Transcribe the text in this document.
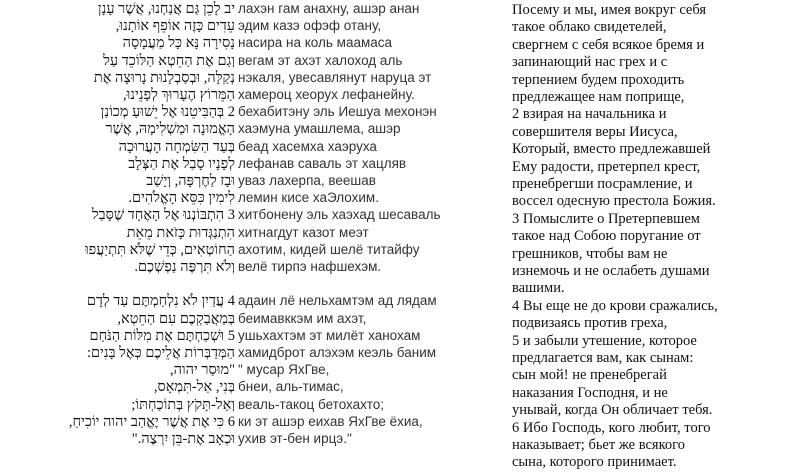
יב לָכֵן גַּם אֲנַחְנוּ, אֲשֶׁר עָנָן
עֵדִים כָּזֶה אוֹפֵף אוֹתָנוּ,
נָסִירָה נָּא כָּל מַעֲמָסָה
וְגַם אֶת הַחֵטְא הַלּוֹכֵד עַל
נְקַלָּה, וּבְסַבְלָנוּת נָרוּצָה אֶת
הַמֵּרוֹץ הֶעָרוּךְ לְפָנֵינוּ,
2 בְּהַבִּיטֵנוּ אֶל יֵשׁוּעַ מְכוֹנַן
הָאֱמוּנָה וּמַשְׁלִימָהּ, אֲשֶׁר
בְּעַד הַשִּׂמְחָה הָעֲרוּכָה
לְפָנָיו סָבַל אֶת הַצְּלָב
וּבָז לַחֶרְפָּה, וְיָשַׁב
לִימִין כִּסֵּא הָאֱלֹהִים.
3 הִתְבּוֹנְנוּ אֶל הָאֶחָד שֶׁסָּבַל
הִתְנַגְּדוּת כָּזֹאת מֵאֵת
הַחוֹטְאִים, כְּדֵי שֶׁלֹּא תִּתְיַעֲפוּ
וְלֹא תִּרְפֶּה נַפְשְׁכֶם.
4 עֲדַיִן לֹא נִלְחַמְתֶּם עַד לְדָם
בְּמַאֲבַקְכֶם עִם הַחֵטְא,
5 וּשְׁכַחְתֶּם אֶת מִלּוֹת הַנֹּחַם
הַמְּדַבְּרוֹת אֲלֵיכֶם כְּאֶל בָּנִים:
"מוּסַר יהוה,
בְּנִי, אַל-תִּמְאָס,
וְאַל-תָּקֹץ בְּתוֹכַחְתּוֹ;
6 כִּי אֶת אֲשֶׁר יֶאֱהַב יהוה יוֹכִיחַ,
וּכְאָב אֶת-בֵּן יִרְצֶה."
лахэн гам анахну, ашэр анан
эдим казэ офэф отану,
насира на коль маамаса
вегам эт ахэт халоход аль
нэкаля, увесавлянут наруца эт
хамероц хеорух лефанейну.
бехабитэну эль Иешуа мехонэн
хаэмуна умашлема, ашэр
беад хасемха хаэруха
лефанав саваль эт хацляв
уваз лахерпа, веешав
лемин кисе хаЭлохим.
хитбонену эль хаэхад шесаваль
хитнагдут казот меэт
ахотим, кидей шелё титайфу
велё тирпэ нафшехэм.
адаин лё нельхамтэм ад лядам
беимавккэм им ахэт,
ушьхахтэм эт милёт ханохам
хамидброт алэхэм кеэль баним
" мусар ЯхГве,
бнеи, аль-тимас,
веаль-такоц бетохахто;
ки эт ашэр еихав ЯхГве ёхиа,
ухив эт-бен ирцэ."
Посему и мы, имея вокруг себя
такое облако свидетелей,
свергнем с себя всякое бремя и
запинающий нас грех и с
терпением будем проходить
предлежащее нам поприще,
2 взирая на начальника и
совершителя веры Иисуса,
Который, вместо предлежавшей
Ему радости, претерпел крест,
пренебрегши посрамление, и
воссел одесную престола Божия.
3 Помыслите о Претерпевшем
такое над Собою поругание от
грешников, чтобы вам не
изнемочь и не ослабеть душами
вашими.
4 Вы еще не до крови сражались,
подвизаясь против греха,
5 и забыли утешение, которое
предлагается вам, как сынам:
сын мой! не пренебрегай
наказания Господня, и не
унывай, когда Он обличает тебя.
6 Ибо Господь, кого любит, того
наказывает; бьет же всякого
сына, которого принимает.
